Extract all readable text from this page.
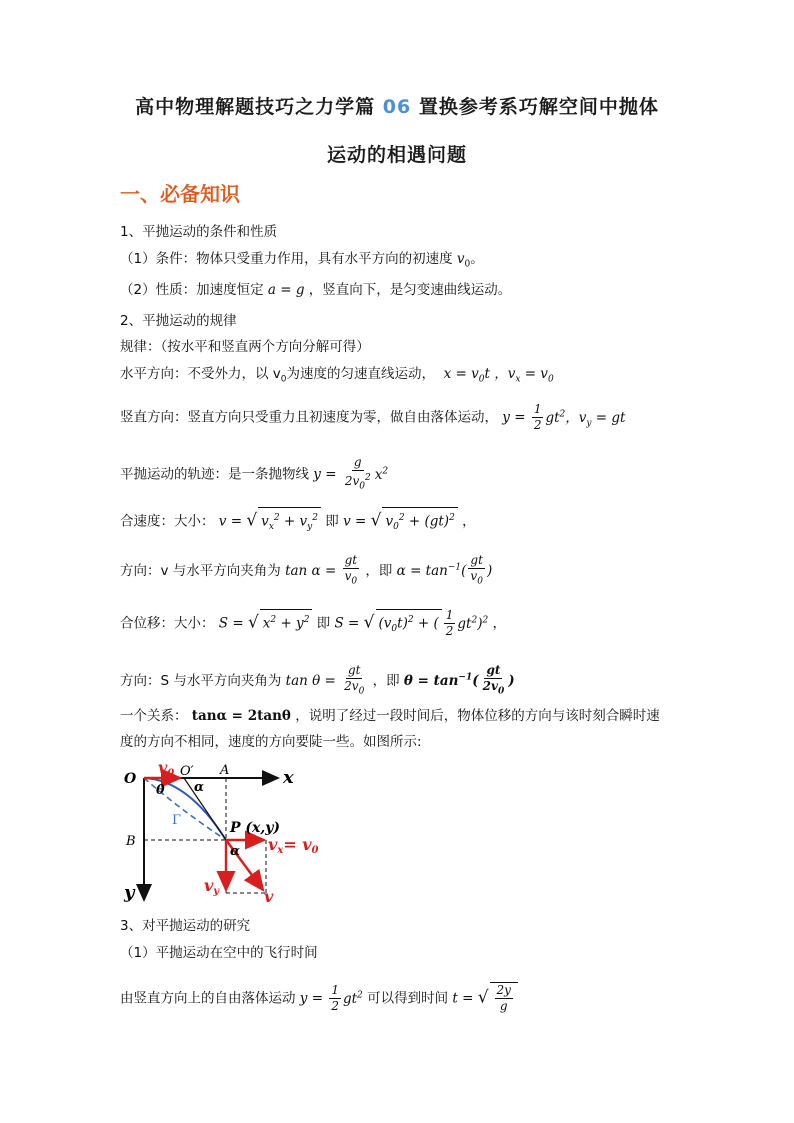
高中物理解题技巧之力学篇 06 置换参考系巧解空间中抛体
运动的相遇问题
一、必备知识
1、平抛运动的条件和性质
（1）条件：物体只受重力作用，具有水平方向的初速度 $v_0$。
（2）性质：加速度恒定 a = g ，竖直向下，是匀变速曲线运动。
2、平抛运动的规律
规律：（按水平和竖直两个方向分解可得）
水平方向：不受外力，以 $v_0$为速度的匀速直线运动，  $x = v_0t$ ，$v_x = v_0$
竖直方向：竖直方向只受重力且初速度为零，做自由落体运动， $y = \frac{1}{2} gt^2$，$v_y$ = gt
平抛运动的轨迹：是一条抛物线 $y = \frac{g}{2v_0^2} x^2$
合速度：大小： v = √ $v_x^2 + v_y^2$ 即 v = √ $v_0^2 + (gt)^2$ ，
方向：v 与水平方向夹角为 $\tan \alpha = \frac{gt}{v_0}$ ，即 $\alpha = \tan^{-1}( \frac{gt}{v_0}$ )
合位移：大小： S = √ $x^2 + y^2$ 即 S = √ $(v_0t)^2$ + ( $\frac{1}{2} gt^2)^2$ ，
方向：S 与水平方向夹角为 $\tan \theta = \frac{gt}{2v_0}$ ，即 $\theta = \tan^{-1}( \frac{gt}{2v_0}$ )
一个关系： tanα = 2tanθ ，说明了经过一段时间后，物体位移的方向与该时刻合瞬时速
度的方向不相同，速度的方向要陡一些。如图所示:
O
v0 O′ A	x
θ α
Γ
B
P (x,y)
α vx= v0
vy	v
y
3、对平抛运动的研究
（1）平抛运动在空中的飞行时间
由竖直方向上的自由落体运动 $y = \frac{1}{2} gt^2$ 可以得到时间 t = √ $\frac{2y}{g}$
